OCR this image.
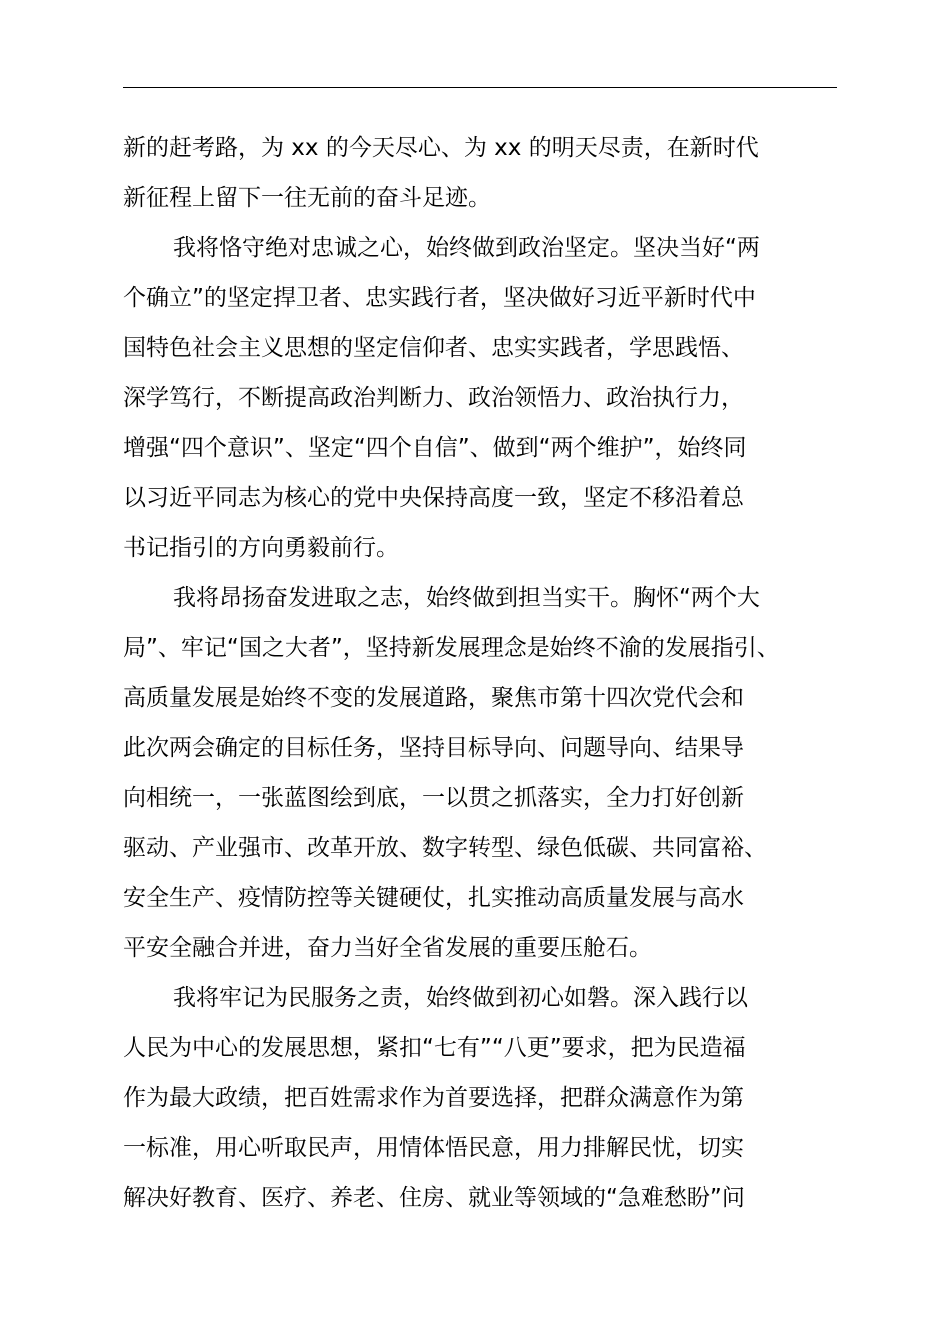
新的赶考路，为 xx 的今天尽心、为 xx 的明天尽责，在新时代
新征程上留下一往无前的奋斗足迹。
我将恪守绝对忠诚之心，始终做到政治坚定。坚决当好“两
个确立”的坚定捍卫者、忠实践行者，坚决做好习近平新时代中
国特色社会主义思想的坚定信仰者、忠实实践者，学思践悟、
深学笃行，不断提高政治判断力、政治领悟力、政治执行力，
增强“四个意识”、坚定“四个自信”、做到“两个维护”，始终同
以习近平同志为核心的党中央保持高度一致，坚定不移沿着总
书记指引的方向勇毅前行。
我将昂扬奋发进取之志，始终做到担当实干。胸怀“两个大
局”、牢记“国之大者”，坚持新发展理念是始终不渝的发展指引、
高质量发展是始终不变的发展道路，聚焦市第十四次党代会和
此次两会确定的目标任务，坚持目标导向、问题导向、结果导
向相统一，一张蓝图绘到底，一以贯之抓落实，全力打好创新
驱动、产业强市、改革开放、数字转型、绿色低碳、共同富裕、
安全生产、疫情防控等关键硬仗，扎实推动高质量发展与高水
平安全融合并进，奋力当好全省发展的重要压舱石。
我将牢记为民服务之责，始终做到初心如磐。深入践行以
人民为中心的发展思想，紧扣“七有”“八更”要求，把为民造福
作为最大政绩，把百姓需求作为首要选择，把群众满意作为第
一标准，用心听取民声，用情体悟民意，用力排解民忧，切实
解决好教育、医疗、养老、住房、就业等领域的“急难愁盼”问
